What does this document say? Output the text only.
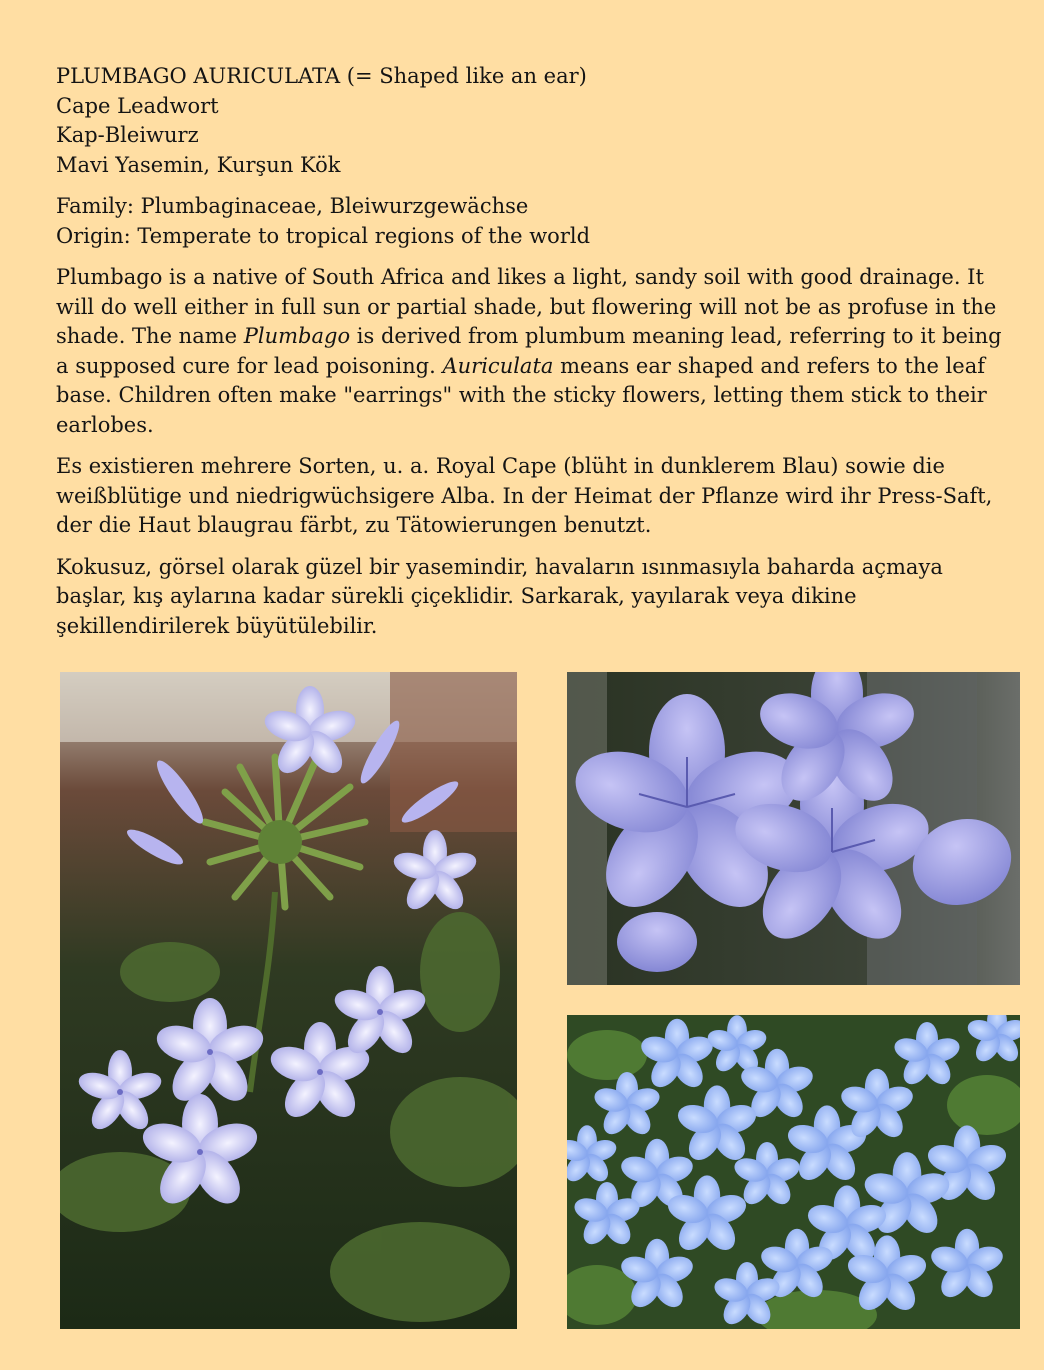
PLUMBAGO AURICULATA (= Shaped like an ear)

Cape Leadwort

Kap-Bleiwurz

Mavi Yasemin, Kurşun Kök

Family: Plumbaginaceae, Bleiwurzgewächse

Origin: Temperate to tropical regions of the world

Plumbago is a native of South Africa and likes a light, sandy soil with good drainage. It will do well either in full sun or partial shade, but flowering will not be as profuse in the shade. The name Plumbago is derived from plumbum meaning lead, referring to it being a supposed cure for lead poisoning. Auriculata means ear shaped and refers to the leaf base. Children often make "earrings" with the sticky flowers, letting them stick to their earlobes.

Es existieren mehrere Sorten, u. a. Royal Cape (blüht in dunklerem Blau) sowie die weißblütige und niedrigwüchsigere Alba. In der Heimat der Pflanze wird ihr Press-Saft, der die Haut blaugrau färbt, zu Tätowierungen benutzt.

Kokusuz, görsel olarak güzel bir yasemindir, havaların ısınmasıyla baharda açmaya başlar, kış aylarına kadar sürekli çiçeklidir. Sarkarak, yayılarak veya dikine şekillendirilerek büyütülebilir.
